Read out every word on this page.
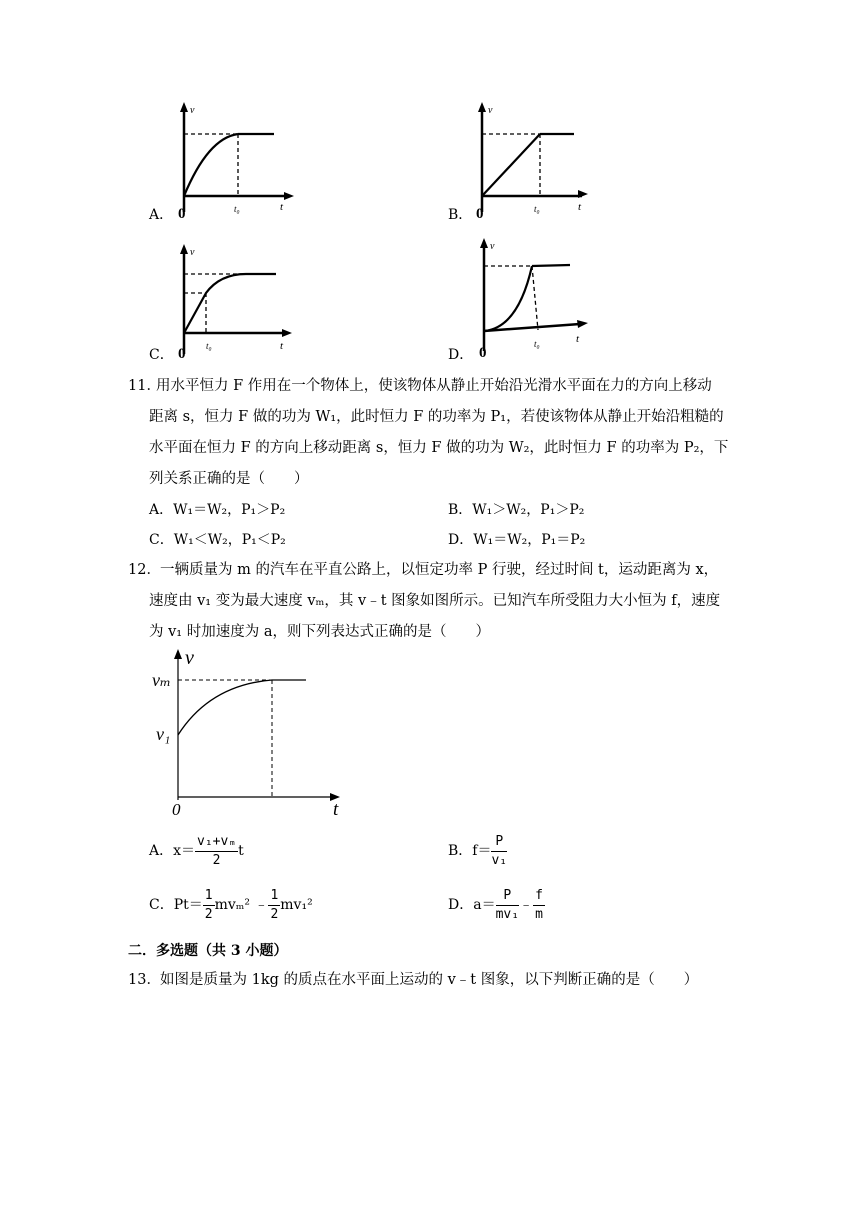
A．
v
0	t₀	t	B．
v
0	t₀	t
C．
v
0 t₀	t
D．
v
0
t₀	t
11．
用水平恒力 F 作用在一个物体上，使该物体从静止开始沿光滑水平面在力的方向上移动
距离 s，恒力 F 做的功为 W₁，此时恒力 F 的功率为 P₁，若使该物体从静止开始沿粗糙的
水平面在恒力 F 的方向上移动距离 s，恒力 F 做的功为 W₂，此时恒力 F 的功率为 P₂，下
列关系正确的是（　　）
A．W₁＝W₂，P₁＞P₂	B．W₁＞W₂，P₁＞P₂
C．W₁＜W₂，P₁＜P₂	D．W₁＝W₂，P₁＝P₂
12． 一辆质量为 m 的汽车在平直公路上，以恒定功率 P 行驶，经过时间 t，运动距离为 x，
速度由 v₁ 变为最大速度 vₘ，其 v﹣t 图象如图所示。已知汽车所受阻力大小恒为 f，速度
为 v₁ 时加速度为 a，则下列表达式正确的是（　　）
v
vₘ
v₁
0	t
A．$x= \frac{\text{v₁+vₘ}}{2}$ t	B．$f= \frac{P}{\text{v₁}}$
C．$Pt= \frac{1}{2} mv_m^2$ ﹣ $\frac{1}{2} mv_1^2$	D．$a= \frac{P}{\text{mv₁}}$ ﹣ $\frac{f}{m}$
二．多选题（共 3 小题）
13． 如图是质量为 1kg 的质点在水平面上运动的 v﹣t 图象，以下判断正确的是（　　）
